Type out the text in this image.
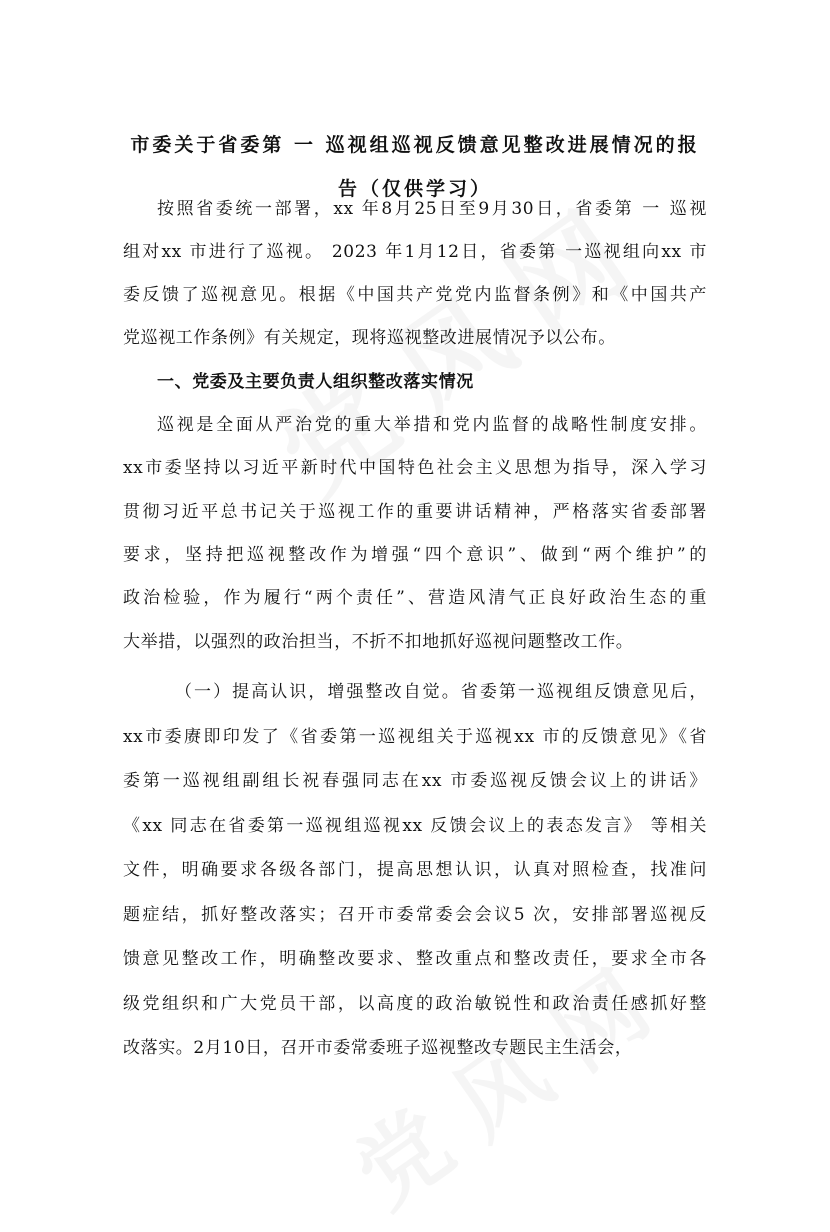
市委关于省委第 一 巡视组巡视反馈意见整改进展情况的报
告（仅供学习）
按照省委统一部署，xx 年8月25日至9月30日，省委第 一 巡视
组对xx 市进行了巡视。 2023 年1月12日，省委第 一巡视组向xx 市
委反馈了巡视意见。根据《中国共产党党内监督条例》和《中国共产
党巡视工作条例》有关规定，现将巡视整改进展情况予以公布。
一、党委及主要负责人组织整改落实情况
巡视是全面从严治党的重大举措和党内监督的战略性制度安排。
xx市委坚持以习近平新时代中国特色社会主义思想为指导，深入学习
贯彻习近平总书记关于巡视工作的重要讲话精神，严格落实省委部署
要求，坚持把巡视整改作为增强“四个意识”、做到“两个维护”的
政治检验，作为履行“两个责任”、营造风清气正良好政治生态的重
大举措，以强烈的政治担当，不折不扣地抓好巡视问题整改工作。
（一）提高认识，增强整改自觉。省委第一巡视组反馈意见后，
xx市委赓即印发了《省委第一巡视组关于巡视xx 市的反馈意见》《省
委第一巡视组副组长祝春强同志在xx 市委巡视反馈会议上的讲话》
《xx 同志在省委第一巡视组巡视xx 反馈会议上的表态发言》 等相关
文件，明确要求各级各部门，提高思想认识，认真对照检查，找准问
题症结，抓好整改落实；召开市委常委会会议5 次，安排部署巡视反
馈意见整改工作，明确整改要求、整改重点和整改责任，要求全市各
级党组织和广大党员干部，以高度的政治敏锐性和政治责任感抓好整
改落实。2月10日，召开市委常委班子巡视整改专题民主生活会，
